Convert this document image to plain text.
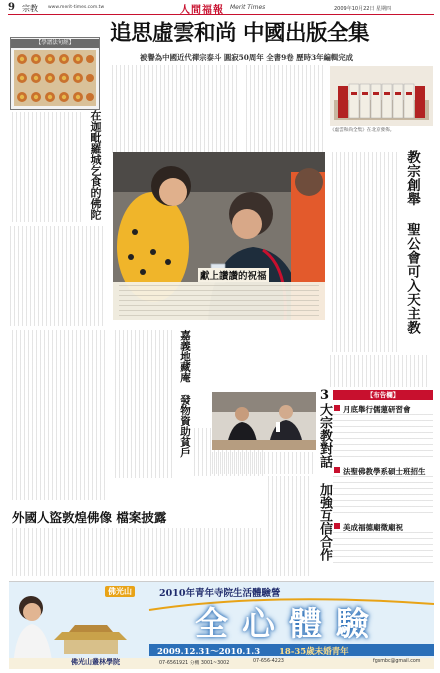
9 宗教 www.merit-times.com.tw	人間福報 Merit Times	2009年10月22日 星期四
追思虛雲和尚 中國出版全集
被譽為中國近代禪宗泰斗 圓寂50周年 全書9卷 歷時3年編輯完成
【學譜法句經】
在迦毗羅城乞食的佛陀	《虛雲和尚全集》在北京發佈。
教宗創舉 聖公會可入天主教
獻上讚讚的祝福
嘉義地藏庵 發物資助貧戶	3大宗教對話 加強互信合作	【布告欄】
月底舉行儒蓮研習會
法聖佛教學系碩士班招生
美成福德廟徵廟祝
外國人盜敦煌佛像 檔案披露
佛光山	2010年青年寺院生活體驗營
全心體驗
2009.12.31～2010.1.3 18-35歲未婚青年
佛光山叢林學院	07-6561921 分機 3001~3002	07-656-4223	fgsmbc@gmail.com
